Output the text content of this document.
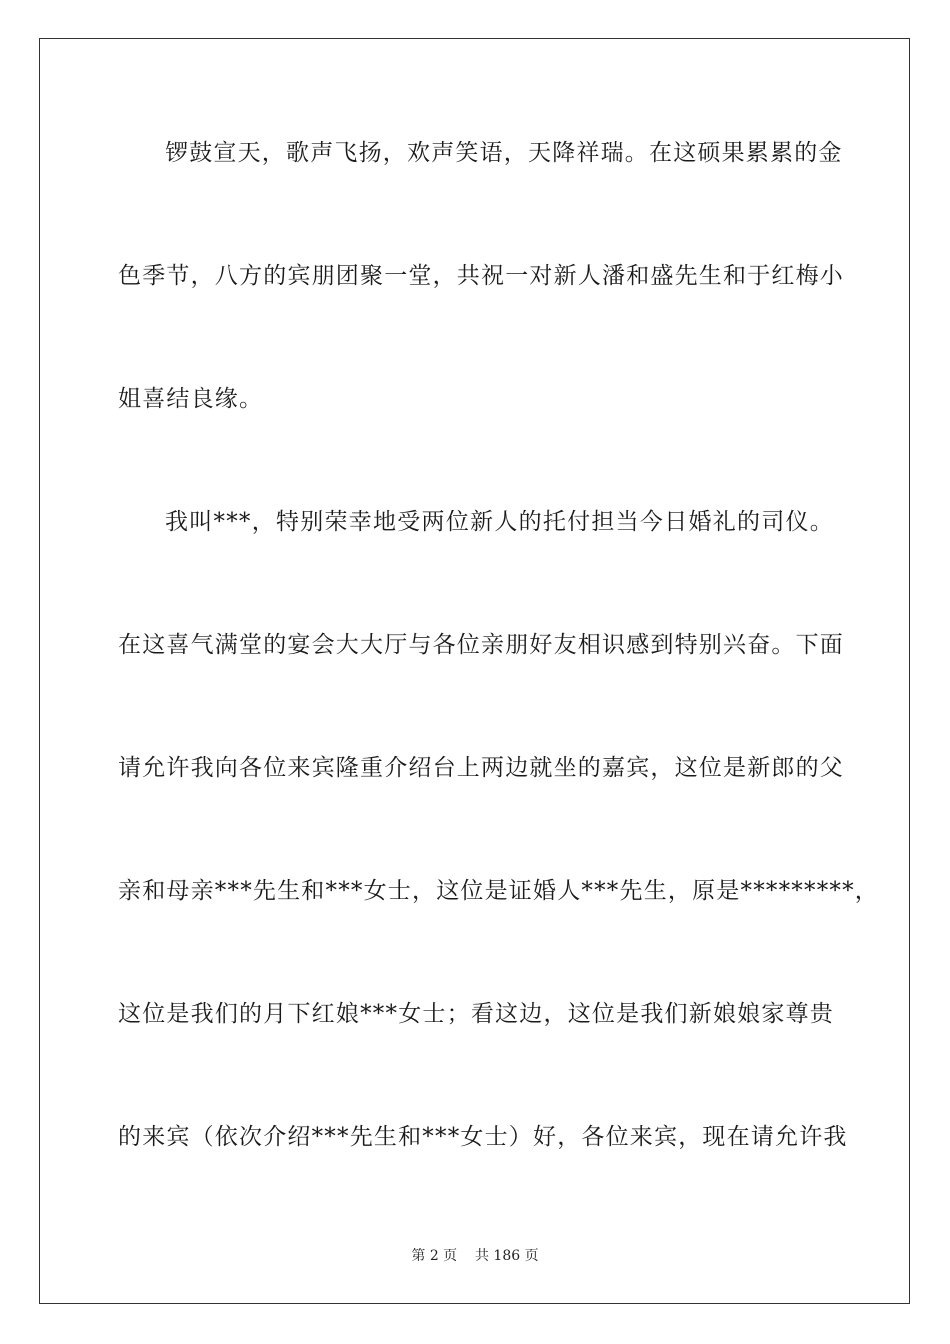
锣鼓宣天，歌声飞扬，欢声笑语，天降祥瑞。在这硕果累累的金
色季节，八方的宾朋团聚一堂，共祝一对新人潘和盛先生和于红梅小
姐喜结良缘。
我叫***，特别荣幸地受两位新人的托付担当今日婚礼的司仪。
在这喜气满堂的宴会大大厅与各位亲朋好友相识感到特别兴奋。下面
请允许我向各位来宾隆重介绍台上两边就坐的嘉宾，这位是新郎的父
亲和母亲***先生和***女士，这位是证婚人***先生，原是*********，
这位是我们的月下红娘***女士；看这边，这位是我们新娘娘家尊贵
的来宾（依次介绍***先生和***女士）好，各位来宾，现在请允许我
第 2 页    共 186 页
